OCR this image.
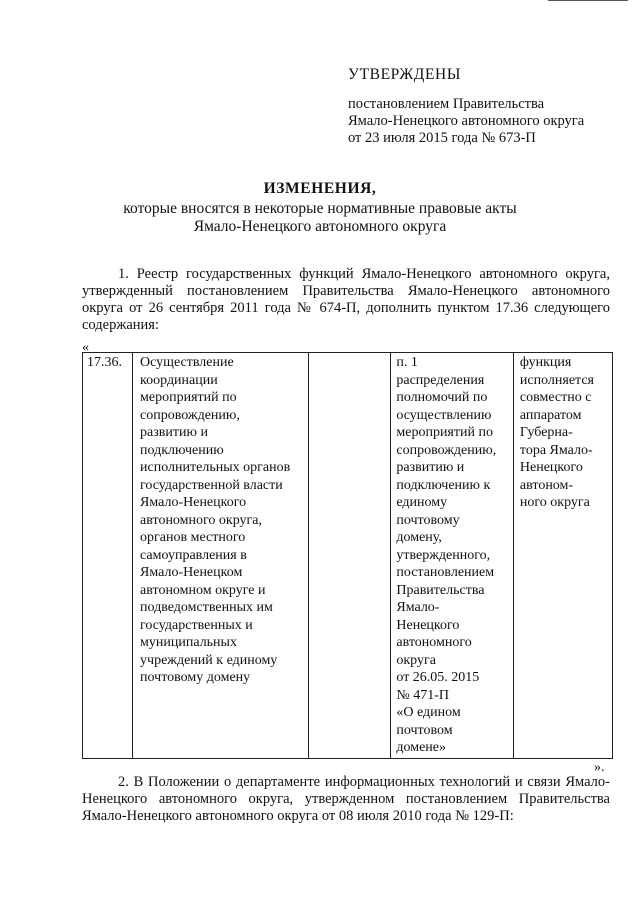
УТВЕРЖДЕНЫ
постановлением Правительства
Ямало-Ненецкого автономного округа
от 23 июля 2015 года № 673-П
ИЗМЕНЕНИЯ,
которые вносятся в некоторые нормативные правовые акты
Ямало-Ненецкого автономного округа
1. Реестр государственных функций Ямало-Ненецкого автономного округа, утвержденный постановлением Правительства Ямало-Ненецкого автономного округа от 26 сентября 2011 года № 674-П, дополнить пунктом 17.36 следующего содержания:
«
17.36.	Осуществление
координации
мероприятий по
сопровождению,
развитию и
подключению
исполнительных органов
государственной власти
Ямало-Ненецкого
автономного округа,
органов местного
самоуправления в
Ямало-Ненецком
автономном округе и
подведомственных им
государственных и
муниципальных
учреждений к единому
почтовому домену		п. 1
распределения
полномочий по
осуществлению
мероприятий по
сопровождению,
развитию и
подключению к
единому
почтовому
домену,
утвержденного,
постановлением
Правительства
Ямало-
Ненецкого
автономного
округа
от 26.05. 2015
№ 471-П
«О едином
почтовом
домене»	функция
исполняется
совместно с
аппаратом
Губерна-
тора Ямало-
Ненецкого
автоном-
ного округа
».
2. В Положении о департаменте информационных технологий и связи Ямало-Ненецкого автономного округа, утвержденном постановлением Правительства Ямало-Ненецкого автономного округа от 08 июля 2010 года № 129-П:
